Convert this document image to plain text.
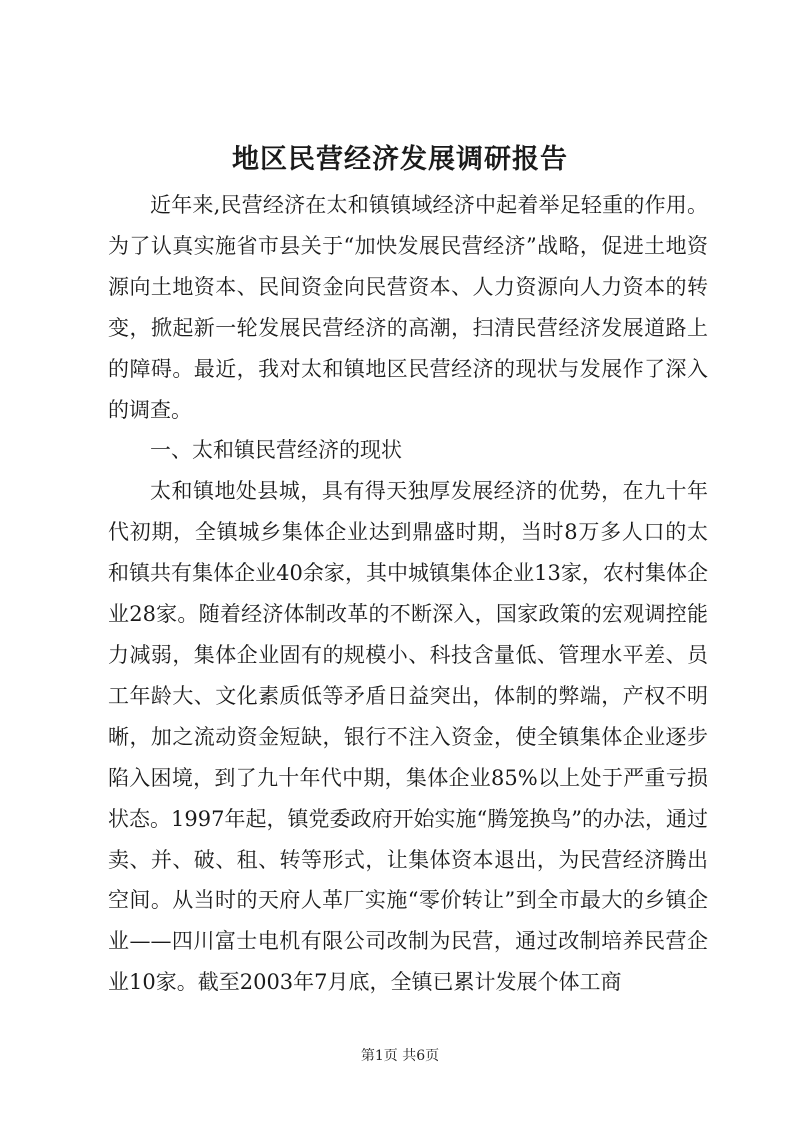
地区民营经济发展调研报告

近年来,民营经济在太和镇镇域经济中起着举足轻重的作用。为了认真实施省市县关于“加快发展民营经济”战略，促进土地资源向土地资本、民间资金向民营资本、人力资源向人力资本的转变，掀起新一轮发展民营经济的高潮，扫清民营经济发展道路上的障碍。最近，我对太和镇地区民营经济的现状与发展作了深入的调查。

一、太和镇民营经济的现状

太和镇地处县城，具有得天独厚发展经济的优势，在九十年代初期，全镇城乡集体企业达到鼎盛时期，当时8万多人口的太和镇共有集体企业40余家，其中城镇集体企业13家，农村集体企业28家。随着经济体制改革的不断深入，国家政策的宏观调控能力减弱，集体企业固有的规模小、科技含量低、管理水平差、员工年龄大、文化素质低等矛盾日益突出，体制的弊端，产权不明晰，加之流动资金短缺，银行不注入资金，使全镇集体企业逐步陷入困境，到了九十年代中期，集体企业85%以上处于严重亏损状态。1997年起，镇党委政府开始实施“腾笼换鸟”的办法，通过卖、并、破、租、转等形式，让集体资本退出，为民营经济腾出空间。从当时的天府人革厂实施“零价转让”到全市最大的乡镇企业——四川富士电机有限公司改制为民营，通过改制培养民营企业10家。截至2003年7月底，全镇已累计发展个体工商

第1页 共6页
